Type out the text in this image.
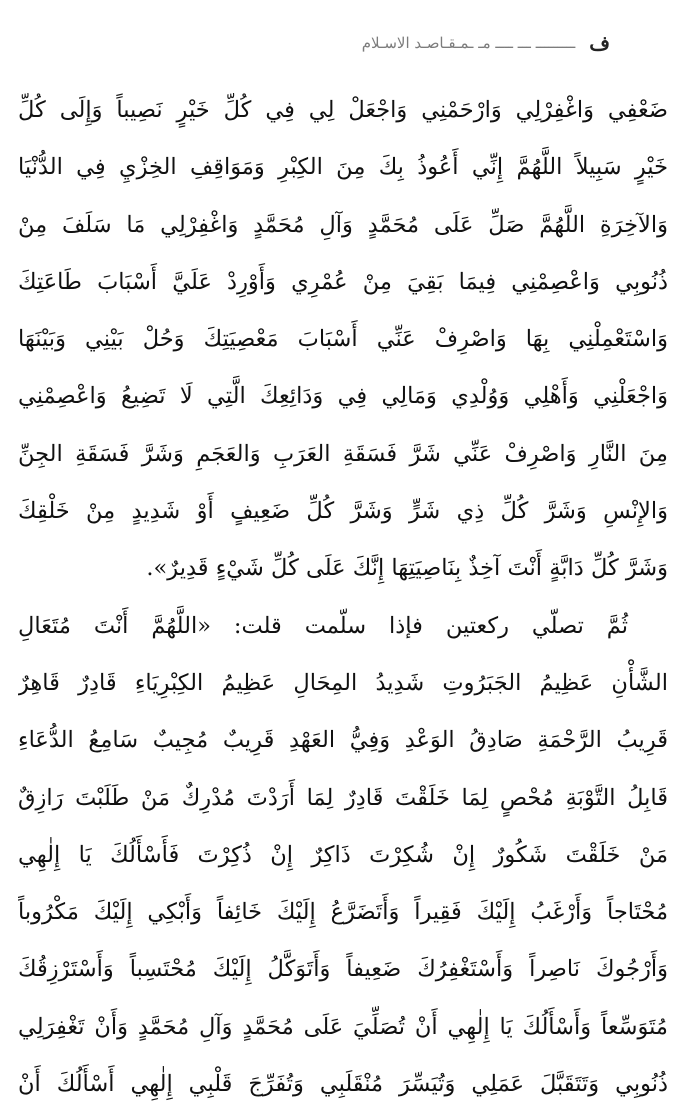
ف
ـــــــــ ـــ ــــ مـ ـمـقـاصـد الاسـلام
ضَعْفِي وَاغْفِرْلِي وَارْحَمْنِي وَاجْعَلْ لِي فِي كُلِّ خَيْرٍ نَصِيباً وَإِلَى كُلِّ
خَيْرٍ سَبِيلاً اللَّهُمَّ إِنِّي أَعُوذُ بِكَ مِنَ الكِبْرِ وَمَوَاقِفِ الخِزْيِ فِي الدُّنْيَا
وَالآخِرَةِ اللَّهُمَّ صَلِّ عَلَى مُحَمَّدٍ وَآلِ مُحَمَّدٍ وَاغْفِرْلِي مَا سَلَفَ مِنْ
ذُنُوبِي وَاعْصِمْنِي فِيمَا بَقِيَ مِنْ عُمْرِي وَأَوْرِدْ عَلَيَّ أَسْبَابَ طَاعَتِكَ
وَاسْتَعْمِلْنِي بِهَا وَاصْرِفْ عَنِّي أَسْبَابَ مَعْصِيَتِكَ وَحُلْ بَيْنِي وَبَيْنَهَا
وَاجْعَلْنِي وَأَهْلِي وَوُلْدِي وَمَالِي فِي وَدَائِعِكَ الَّتِي لَا تَضِيعُ وَاعْصِمْنِي
مِنَ النَّارِ وَاصْرِفْ عَنِّي شَرَّ فَسَقَةِ العَرَبِ وَالعَجَمِ وَشَرَّ فَسَقَةِ الجِنِّ
وَالإِنْسِ وَشَرَّ كُلِّ ذِي شَرٍّ وَشَرَّ كُلِّ ضَعِيفٍ أَوْ شَدِيدٍ مِنْ خَلْقِكَ
وَشَرَّ كُلِّ دَابَّةٍ أَنْتَ آخِذٌ بِنَاصِيَتِهَا إِنَّكَ عَلَى كُلِّ شَيْءٍ قَدِيرٌ».
ثُمَّ تصلّي ركعتين فإذا سلّمت قلت: «اللَّهُمَّ أَنْتَ مُتَعَالِ
الشَّأْنِ عَظِيمُ الجَبَرُوتِ شَدِيدُ المِحَالِ عَظِيمُ الكِبْرِيَاءِ قَادِرٌ قَاهِرٌ
قَرِيبُ الرَّحْمَةِ صَادِقُ الوَعْدِ وَفِيُّ العَهْدِ قَرِيبٌ مُجِيبٌ سَامِعُ الدُّعَاءِ
قَابِلُ التَّوْبَةِ مُحْصٍ لِمَا خَلَقْتَ قَادِرٌ لِمَا أَرَدْتَ مُدْرِكٌ مَنْ طَلَبْتَ رَازِقٌ
مَنْ خَلَقْتَ شَكُورٌ إِنْ شُكِرْتَ ذَاكِرٌ إِنْ ذُكِرْتَ فَأَسْأَلُكَ يَا إِلٰهِي
مُحْتَاجاً وَأَرْغَبُ إِلَيْكَ فَقِيراً وَأَتَضَرَّعُ إِلَيْكَ خَائِفاً وَأَبْكِي إِلَيْكَ مَكْرُوباً
وَأَرْجُوكَ نَاصِراً وَأَسْتَغْفِرُكَ ضَعِيفاً وَأَتَوَكَّلُ إِلَيْكَ مُحْتَسِباً وَأَسْتَرْزِقُكَ
مُتَوَسِّعاً وَأَسْأَلُكَ يَا إِلٰهِي أَنْ تُصَلِّيَ عَلَى مُحَمَّدٍ وَآلِ مُحَمَّدٍ وَأَنْ تَغْفِرَلِي
ذُنُوبِي وَتَتَقَبَّلَ عَمَلِي وَتُيَسِّرَ مُنْقَلَبِي وَتُفَرِّجَ قَلْبِي إِلٰهِي أَسْأَلُكَ أَنْ
